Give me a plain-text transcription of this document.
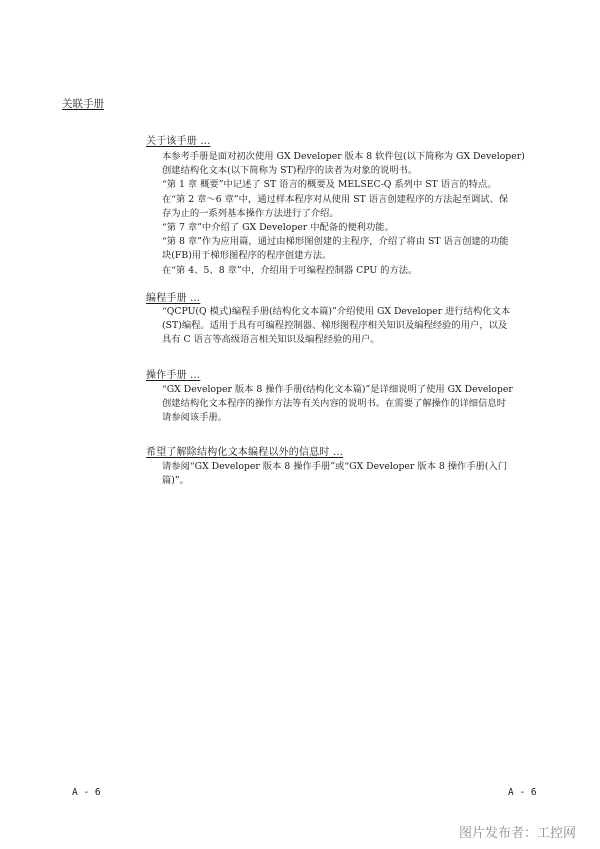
关联手册
关于该手册 ...

本参考手册是面对初次使用 GX Developer 版本 8 软件包(以下简称为 GX Developer)

创建结构化文本(以下简称为 ST)程序的读者为对象的说明书。

“第 1 章 概要”中记述了 ST 语言的概要及 MELSEC-Q 系列中 ST 语言的特点。

在“第 2 章～6 章”中，通过样本程序对从使用 ST 语言创建程序的方法起至调试、保

存为止的一系列基本操作方法进行了介绍。

“第 7 章”中介绍了 GX Developer 中配备的便利功能。

“第 8 章”作为应用篇，通过由梯形图创建的主程序，介绍了将由 ST 语言创建的功能

块(FB)用于梯形图程序的程序创建方法。

在“第 4、5、8 章”中，介绍用于可编程控制器 CPU 的方法。

编程手册 ...

“QCPU(Q 模式)编程手册(结构化文本篇)”介绍使用 GX Developer 进行结构化文本

(ST)编程。适用于具有可编程控制器、梯形图程序相关知识及编程经验的用户，以及

具有 C 语言等高级语言相关知识及编程经验的用户。

操作手册 ...

“GX Developer 版本 8 操作手册(结构化文本篇)”是详细说明了使用 GX Developer

创建结构化文本程序的操作方法等有关内容的说明书。在需要了解操作的详细信息时

请参阅该手册。

希望了解除结构化文本编程以外的信息时 ...

请参阅“GX Developer 版本 8 操作手册”或“GX Developer 版本 8 操作手册(入门

篇)”。

A - 6	A - 6
图片发布者：工控网
